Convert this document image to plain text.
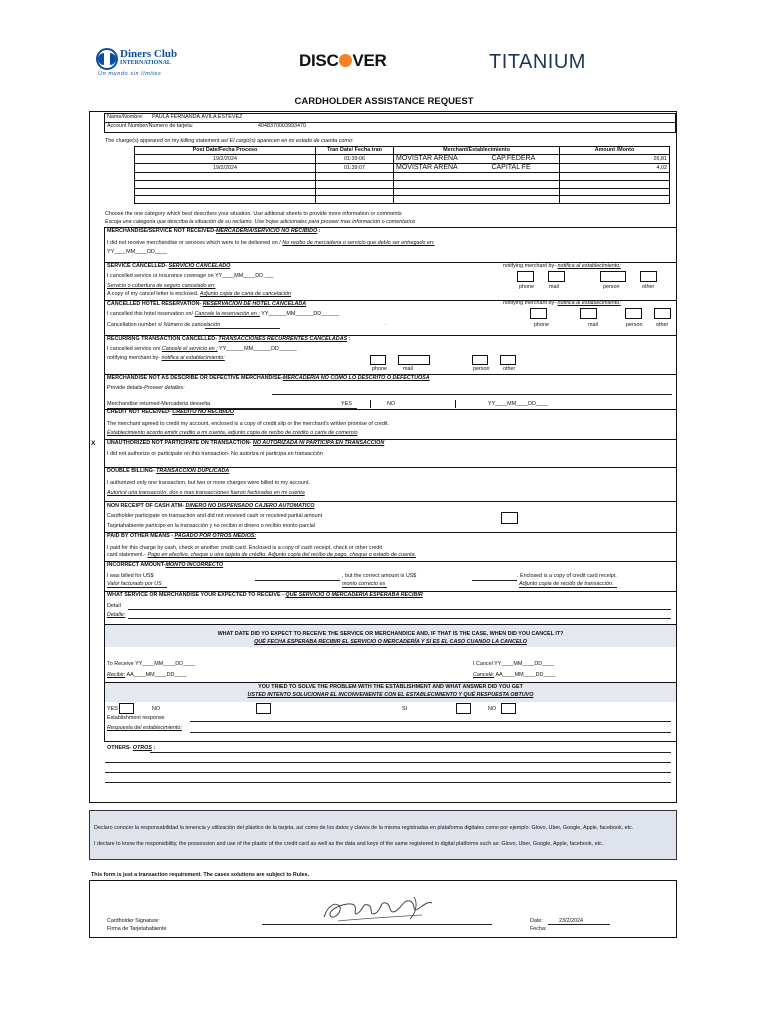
Diners Club
INTERNATIONAL
Un mundo sin límites
DISC VER	TITANIUM
CARDHOLDER ASSISTANCE REQUEST
Name/Nombre: PAULA FERNANDA ÁVILA ESTÉVEZ
Account Number/Numero de tarjeta:	4048370003993470
The charge(s) appeared on my billing statement as/ El cargo(s) aparecen en mi estado de cuenta como:
Post Date/Fecha Proceso	Tran Date/ Fecha tran	Merchant/Establecimiento		Amount /Monto
19/2/2024	01:39:06	MOVISTAR ARENA	CAP.FEDERA	26,81
19/2/2024	01:39:07	MOVISTAR ARENA	CAPITAL FE	4,02

Choose the one category which best describes your situation. Use aditional sheets to provide more information or comments
Escoja una categoria que describa la situación de su reclamo. Use hojas adicionales para proveer mas informacion o comentarios
MERCHANDISE/SERVICE NOT RECEIVED-MERCADERIA/SERVICIO NO RECIBIDO :
I did not receive merchandise or services which were to be delivered on / No recibo de mercaderia o servicio que debio ser entregado en:
YY____MM____DD____
SERVICE CANCELLED- SERVICIO CANCELADO	notifying merchant by- notifica al establecimiento:
phone	mail	person	other
I cancelled service or insurance coverage on YY____MM____DD ___
Servicio o cobertura de seguro cancelado en:
A copy of my cancel letter is enclosed. Adjunto copia de carta de cancelación
CANCELLED HOTEL RESERVATION- RESERVACION DE HOTEL CANCELADA	notifying merchant by- notifica al establecimiento:
phone	mail	person	other
I cancelled this hotel reservation on/ Cancele la reservación en ; YY______MM______DD______
Cancellation number s/ Número de cancelación	.
RECURRING TRANSACTION CANCELLED- TRANSACCIONES RECURRENTES CANCELADAS :
I cancelled service on/ Cancele el servicio en ; YY______MM______DD______
notifying merchant by- notifica al establecimiento:
phone	mail	person	other
MERCHANDISE NOT AS DESCRIBE OR DEFECTIVE MERCHANDISE-MERCADERIA NO COMO LO DESCRITO O DEFECTUOSA
Provide details-Proveer detalles:
Merchandise returned-Mercaderia devuelta	YES	NO	YY____MM____DD____
CREDIT NOT RECEIVED- CREDITO NO RECIBIDO
The merchant agreed to credit my account, enclosed is a copy of credit slip or the merchant's written promise of credit.
Establecimiento acordo emitir credito a mi cuenta, adjunto copia de recibo de crédito o carta de comercio
X UNAUTHORIZED NOT PARTICIPATE ON TRANSACTION- NO AUTORIZADA NI PARTICIPA EN TRANSACCION
I did not authorize or participate on this transaction- No autoriza ni participa en transacción
DOUBLE BILLING- TRANSACCION DUPLICADA
I authorized only one transaction, but two or more charges were billed to my account.
Autoricé una transacción, dos o mas transacciones fueron facturadas en mi cuenta
NON RECEIPT OF CASH ATM- DINERO NO DISPENSADO CAJERO AUTOMATICO
Cardholder participate on transaction and did not received cash or received partial amount
Tarjetahabiente participo en la transacción y no recibio el dinero o recibio monto parcial
PAID BY OTHER MEANS - PAGADO POR OTROS MEDIOS:
I paid for this charge by cash, check or another credit card. Enclosed is a copy of cash receipt, check or other credit
card statement.- Pago en efectivo, cheque u otra tarjeta de crédito. Adjunto copia del recibo de pago, cheque o estado de cuenta.
INCORRECT AMOUNT-MONTO INCORRECTO
I was billed for US$
Valor facturado por US
, but the correct amount is US$
monto correcto es
. Enclosed is a copy of credit card receipt.
Adjunto copia de recido de transacción.
WHAT SERVICE OR MERCHANDISE YOUR EXPECTED TO RECEIVE - QUE SERVICIO O MERCADERIA ESPERABA RECIBIR
Detail
Detalle:
WHAT DATE DID YO EXPECT TO RECEIVE THE SERVICE OR MERCHANDICE AND, IF THAT IS THE CASE, WHEN DID YOU CANCEL IT?
QUÉ FECHA ESPERABA RECIBIR EL SERVICIO O MERCADERÍA Y SI ES EL CASO CUANDO LA CANCELO
To Receive YY____MM____DD____
Recibir: AA____MM____DD____
I Cancel YY____MM____DD____
Cancelé: AA____MM____DD____
YOU TRIED TO SOLVE THE PROBLEM WITH THE ESTABLISHMENT AND WHAT ANSWER DID YOU GET
USTED INTENTO SOLUCIONAR EL INCONVENIENTE CON EL ESTABLECIMIENTO Y QUÉ RESPUESTA OBTUVO
YES	NO	SI	NO
Establishment response
Respuesta del establecimiento:
OTHERS- OTROS :
Declaro conocer la responsabilidad la tenencia y utilización del plástico de la tarjeta, así como de los datos y claves de la misma registradas en plataforma digitales como por ejemplo: Glovo, Uber, Google, Apple, facebook, etc.
I declare to know the responsibility, the possession and use of the plastic of the credit card as well as the data and keys of the same registered in digital platforms such as: Glovo, Uber, Google, Apple, facebook, etc.
This form is just a transaction requirement. The cases solutions are subject to Rules.
Cardholder Signature:
Firma de Tarjetahabiente
Date:	23/2/2024
Fecha:
